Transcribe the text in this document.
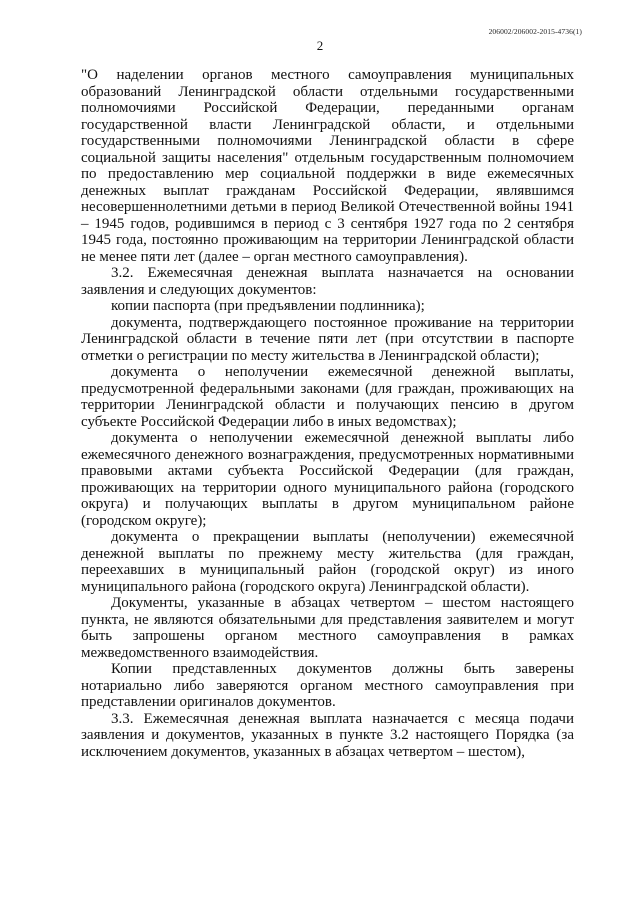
206002/206002-2015-4736(1)
2

"О наделении органов местного самоуправления муниципальных образований Ленинградской области отдельными государственными полномочиями Российской Федерации, переданными органам государственной власти Ленинградской области, и отдельными государственными полномочиями Ленинградской области в сфере социальной защиты населения" отдельным государственным полномочием по предоставлению мер социальной поддержки в виде ежемесячных денежных выплат гражданам Российской Федерации, являвшимся несовершеннолетними детьми в период Великой Отечественной войны 1941 – 1945 годов, родившимся в период с 3 сентября 1927 года по 2 сентября 1945 года, постоянно проживающим на территории Ленинградской области не менее пяти лет (далее – орган местного самоуправления).

3.2. Ежемесячная денежная выплата назначается на основании заявления и следующих документов:

копии паспорта (при предъявлении подлинника);

документа, подтверждающего постоянное проживание на территории Ленинградской области в течение пяти лет (при отсутствии в паспорте отметки о регистрации по месту жительства в Ленинградской области);

документа о неполучении ежемесячной денежной выплаты, предусмотренной федеральными законами (для граждан, проживающих на территории Ленинградской области и получающих пенсию в другом субъекте Российской Федерации либо в иных ведомствах);

документа о неполучении ежемесячной денежной выплаты либо ежемесячного денежного вознаграждения, предусмотренных нормативными правовыми актами субъекта Российской Федерации (для граждан, проживающих на территории одного муниципального района (городского округа) и получающих выплаты в другом муниципальном районе (городском округе);

документа о прекращении выплаты (неполучении) ежемесячной денежной выплаты по прежнему месту жительства (для граждан, переехавших в муниципальный район (городской округ) из иного муниципального района (городского округа) Ленинградской области).

Документы, указанные в абзацах четвертом – шестом настоящего пункта, не являются обязательными для представления заявителем и могут быть запрошены органом местного самоуправления в рамках межведомственного взаимодействия.

Копии представленных документов должны быть заверены нотариально либо заверяются органом местного самоуправления при представлении оригиналов документов.

3.3. Ежемесячная денежная выплата назначается с месяца подачи заявления и документов, указанных в пункте 3.2 настоящего Порядка (за исключением документов, указанных в абзацах четвертом – шестом),
